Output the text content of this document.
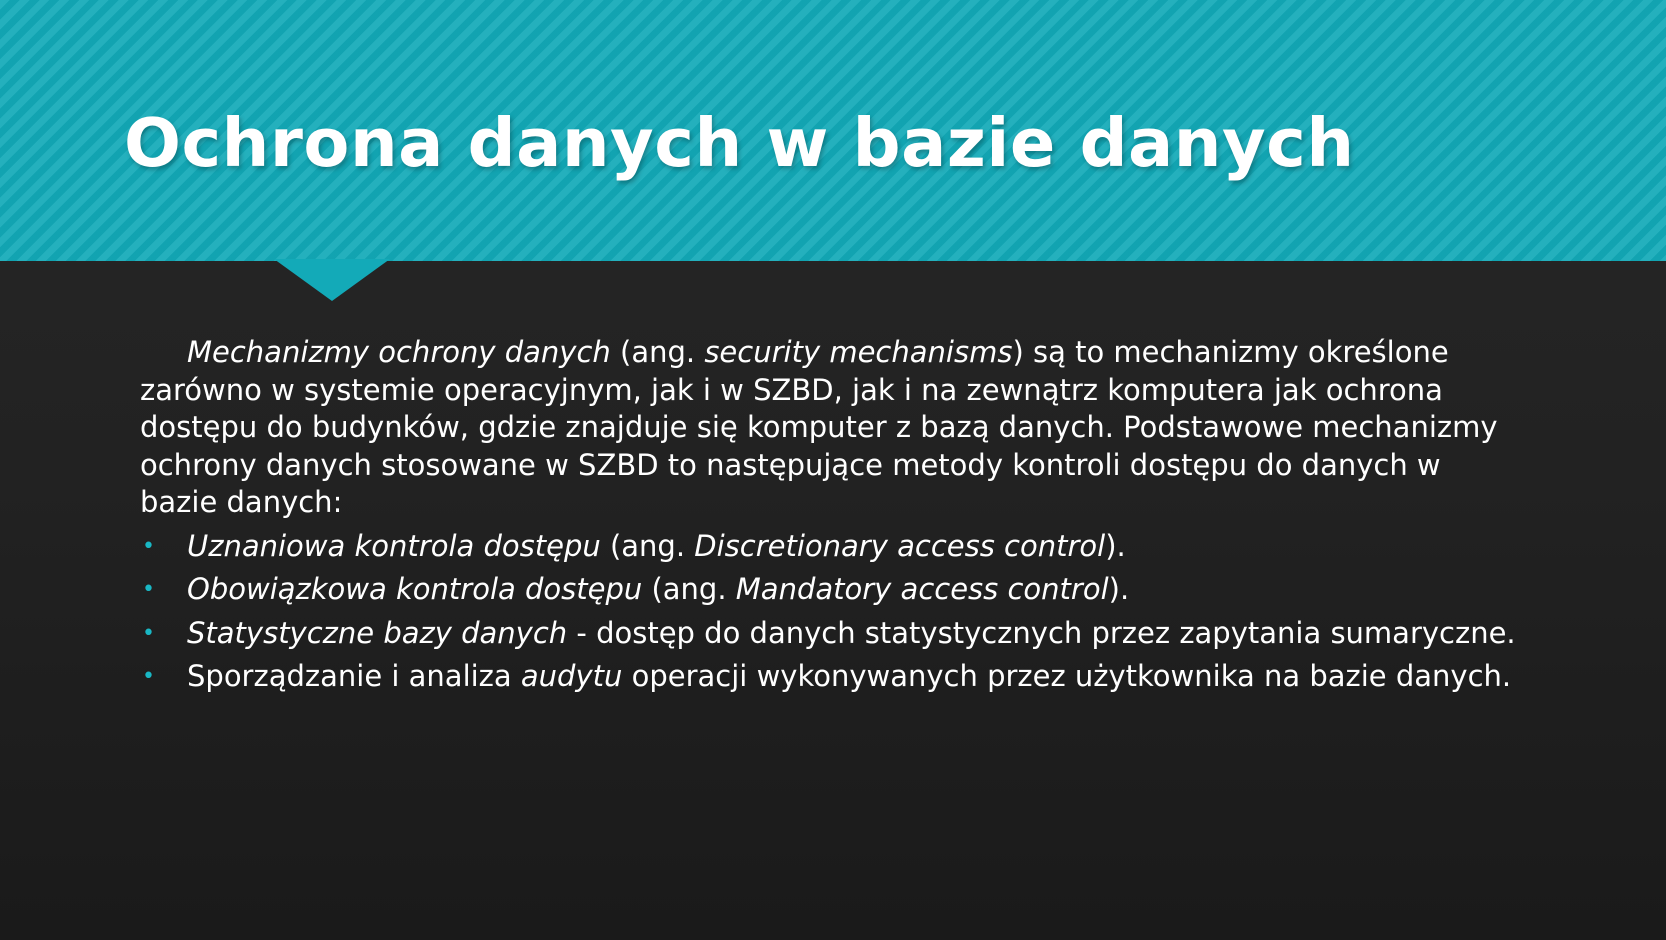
Ochrona danych w bazie danych

Mechanizmy ochrony danych (ang. security mechanisms) są to mechanizmy określone zarówno w systemie operacyjnym, jak i w SZBD, jak i na zewnątrz komputera jak ochrona dostępu do budynków, gdzie znajduje się komputer z bazą danych. Podstawowe mechanizmy ochrony danych stosowane w SZBD to następujące metody kontroli dostępu do danych w bazie danych:

• Uznaniowa kontrola dostępu (ang. Discretionary access control).
• Obowiązkowa kontrola dostępu (ang. Mandatory access control).
• Statystyczne bazy danych - dostęp do danych statystycznych przez zapytania sumaryczne.
• Sporządzanie i analiza audytu operacji wykonywanych przez użytkownika na bazie danych.
